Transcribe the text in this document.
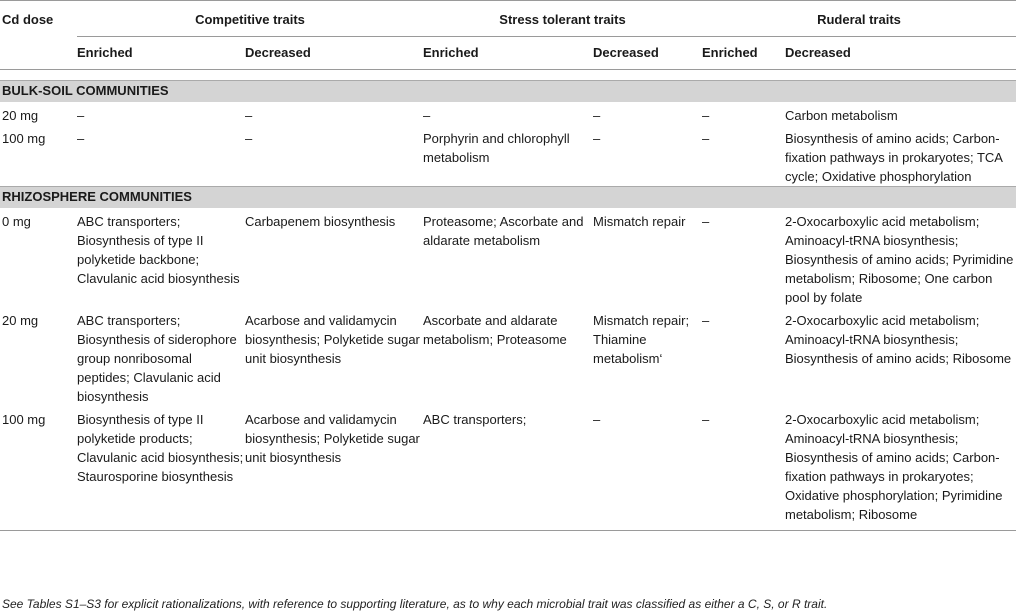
Cd dose	Competitive traits		Stress tolerant traits		Ruderal traits	
	Enriched	Decreased	Enriched	Decreased	Enriched	Decreased

BULK-SOIL COMMUNITIES						
20 mg	–	–	–	–	–	Carbon metabolism
100 mg	–	–	Porphyrin and chlorophyll metabolism	–	–	Biosynthesis of amino acids; Carbon-fixation pathways in prokaryotes; TCA cycle; Oxidative phosphorylation
RHIZOSPHERE COMMUNITIES						
0 mg	ABC transporters; Biosynthesis of type II polyketide backbone; Clavulanic acid biosynthesis	Carbapenem biosynthesis	Proteasome; Ascorbate and aldarate metabolism	Mismatch repair	–	2-Oxocarboxylic acid metabolism; Aminoacyl-tRNA biosynthesis; Biosynthesis of amino acids; Pyrimidine metabolism; Ribosome; One carbon pool by folate
20 mg	ABC transporters; Biosynthesis of siderophore group nonribosomal peptides; Clavulanic acid biosynthesis	Acarbose and validamycin biosynthesis; Polyketide sugar unit biosynthesis	Ascorbate and aldarate metabolism; Proteasome	Mismatch repair; Thiamine metabolism‘	–	2-Oxocarboxylic acid metabolism; Aminoacyl-tRNA biosynthesis; Biosynthesis of amino acids; Ribosome
100 mg	Biosynthesis of type II polyketide products; Clavulanic acid biosynthesis; Staurosporine biosynthesis	Acarbose and validamycin biosynthesis; Polyketide sugar unit biosynthesis	ABC transporters;	–	–	2-Oxocarboxylic acid metabolism; Aminoacyl-tRNA biosynthesis; Biosynthesis of amino acids; Carbon-fixation pathways in prokaryotes; Oxidative phosphorylation; Pyrimidine metabolism; Ribosome
See Tables S1–S3 for explicit rationalizations, with reference to supporting literature, as to why each microbial trait was classified as either a C, S, or R trait.
